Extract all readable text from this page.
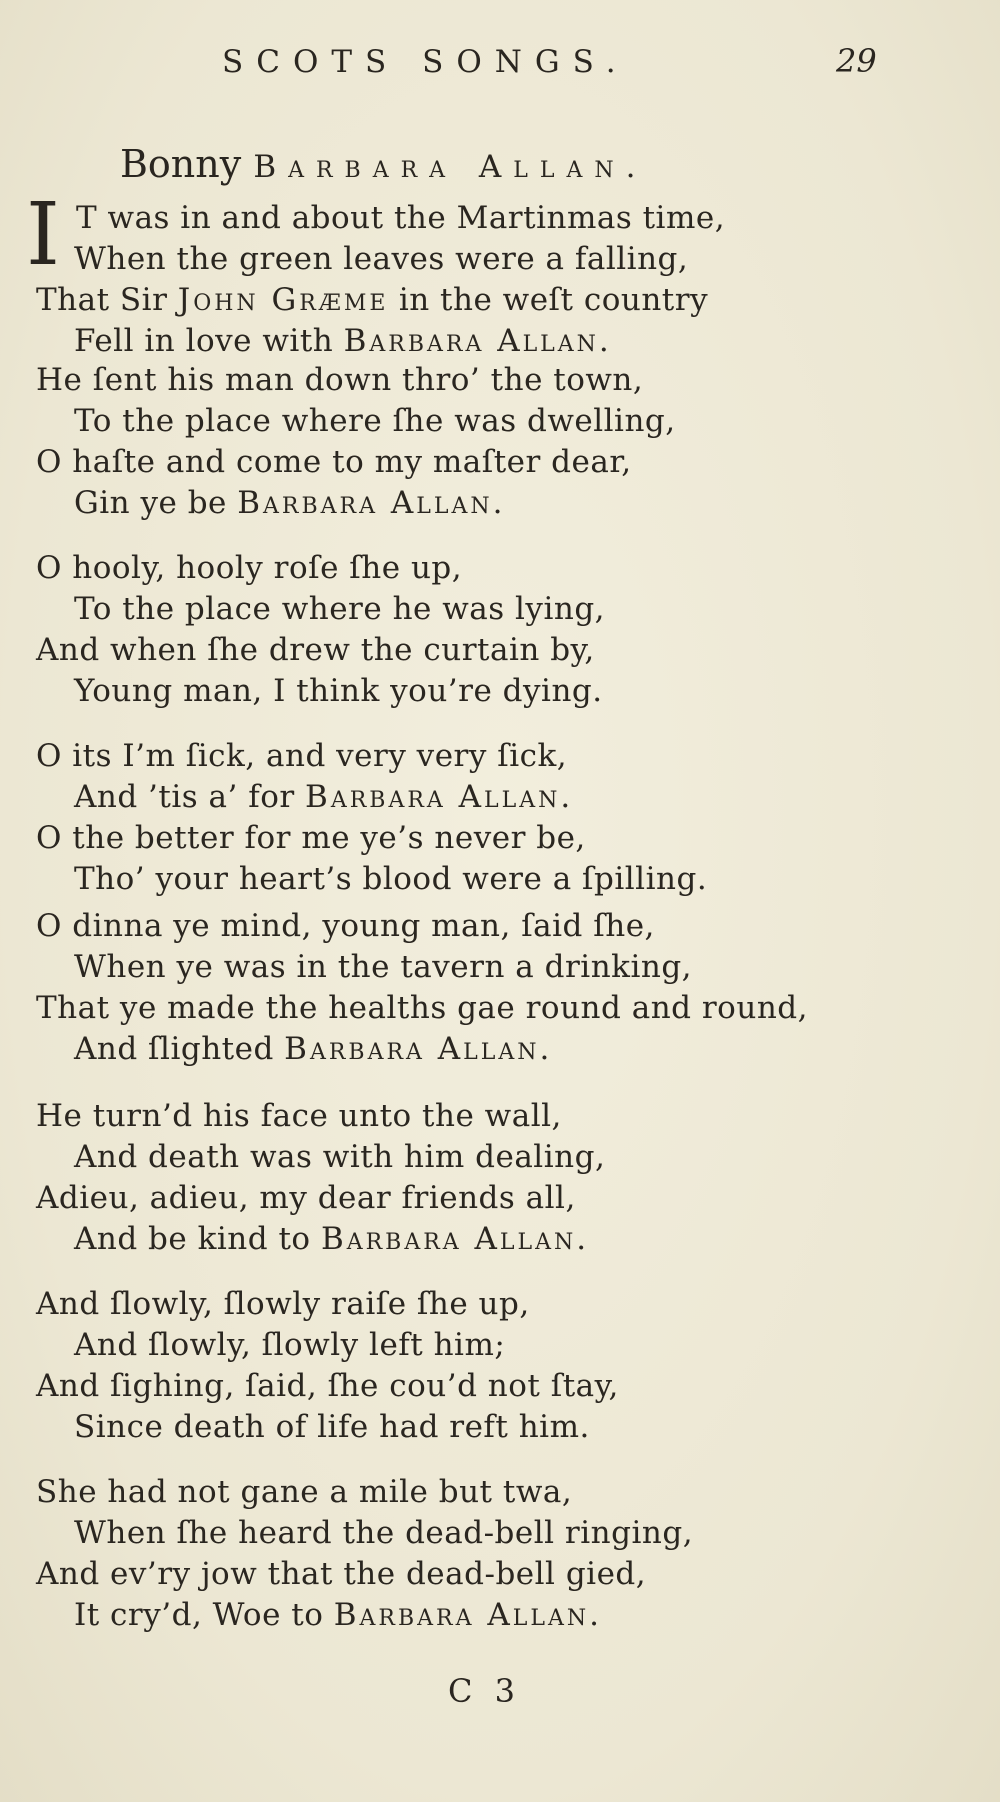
SCOTS SONGS.	29
Bonny Barbara Allan.
I T was in and about the Martinmas time,
When the green leaves were a falling,
That Sir John Græme in the weſt country
Fell in love with Barbara Allan.
He ſent his man down thro’ the town,
To the place where ſhe was dwelling,
O haſte and come to my maſter dear,
Gin ye be Barbara Allan.
O hooly, hooly roſe ſhe up,
To the place where he was lying,
And when ſhe drew the curtain by,
Young man, I think you’re dying.
O its I’m ſick, and very very ſick,
And ’tis a’ for Barbara Allan.
O the better for me ye’s never be,
Tho’ your heart’s blood were a ſpilling.
O dinna ye mind, young man, ſaid ſhe,
When ye was in the tavern a drinking,
That ye made the healths gae round and round,
And ſlighted Barbara Allan.
He turn’d his face unto the wall,
And death was with him dealing,
Adieu, adieu, my dear friends all,
And be kind to Barbara Allan.
And ſlowly, ſlowly raiſe ſhe up,
And ſlowly, ſlowly left him;
And ſighing, ſaid, ſhe cou’d not ſtay,
Since death of life had reft him.
She had not gane a mile but twa,
When ſhe heard the dead-bell ringing,
And ev’ry jow that the dead-bell gied,
It cry’d, Woe to Barbara Allan.
C 3
